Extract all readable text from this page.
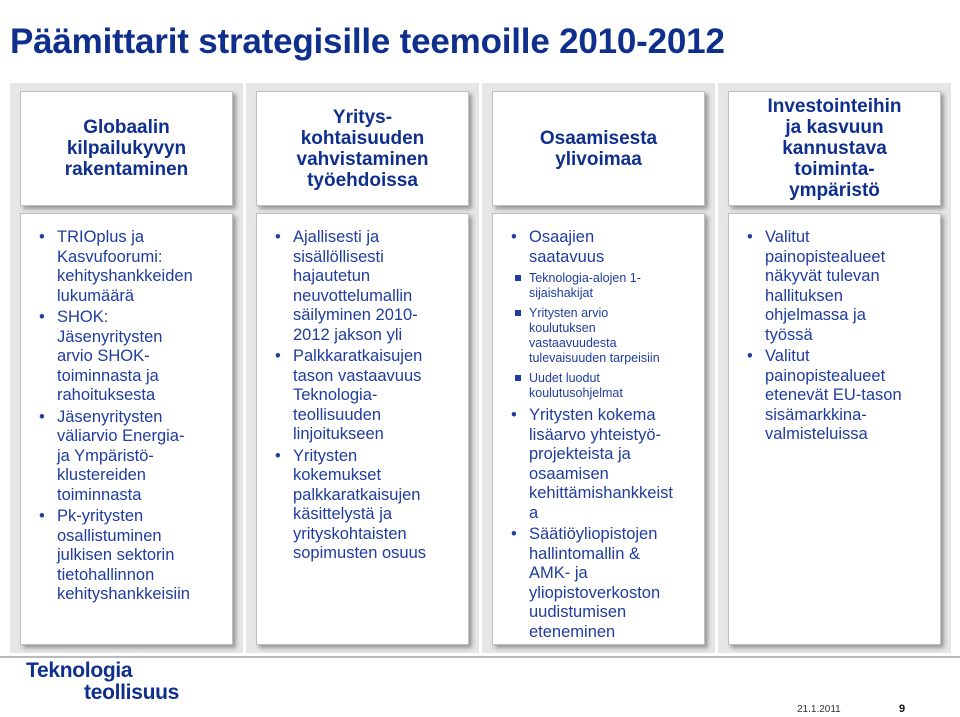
Päämittarit strategisille teemoille 2010-2012
Globaalin
kilpailukyvyn
rakentaminen
Yritys-
kohtaisuuden
vahvistaminen
työehdoissa
Osaamisesta
ylivoimaa
Investointeihin
ja kasvuun
kannustava
toiminta-
ympäristö
• TRIOplus ja
Kasvufoorumi:
kehityshankkeiden
lukumäärä
• SHOK:
Jäsenyritysten
arvio SHOK-
toiminnasta ja
rahoituksesta
• Jäsenyritysten
väliarvio Energia-
ja Ympäristö-
klustereiden
toiminnasta
• Pk-yritysten
osallistuminen
julkisen sektorin
tietohallinnon
kehityshankkeisiin
• Ajallisesti ja
sisällöllisesti
hajautetun
neuvottelumallin
säilyminen 2010-
2012 jakson yli
• Palkkaratkaisujen
tason vastaavuus
Teknologia-
teollisuuden
linjoitukseen
• Yritysten
kokemukset
palkkaratkaisujen
käsittelystä ja
yrityskohtaisten
sopimusten osuus
• Osaajien
saatavuus
Teknologia-alojen 1-
sijaishakijat
Yritysten arvio
koulutuksen
vastaavuudesta
tulevaisuuden tarpeisiin
Uudet luodut
koulutusohjelmat
• Yritysten kokema
lisäarvo yhteistyö-
projekteista ja
osaamisen
kehittämishankkeist
a
• Säätiöyliopistojen
hallintomallin &
AMK- ja
yliopistoverkoston
uudistumisen
eteneminen
• Valitut
painopistealueet
näkyvät tulevan
hallituksen
ohjelmassa ja
työssä
• Valitut
painopistealueet
etenevät EU-tason
sisämarkkina-
valmisteluissa
Teknologia
teollisuus
21.1.2011	9
